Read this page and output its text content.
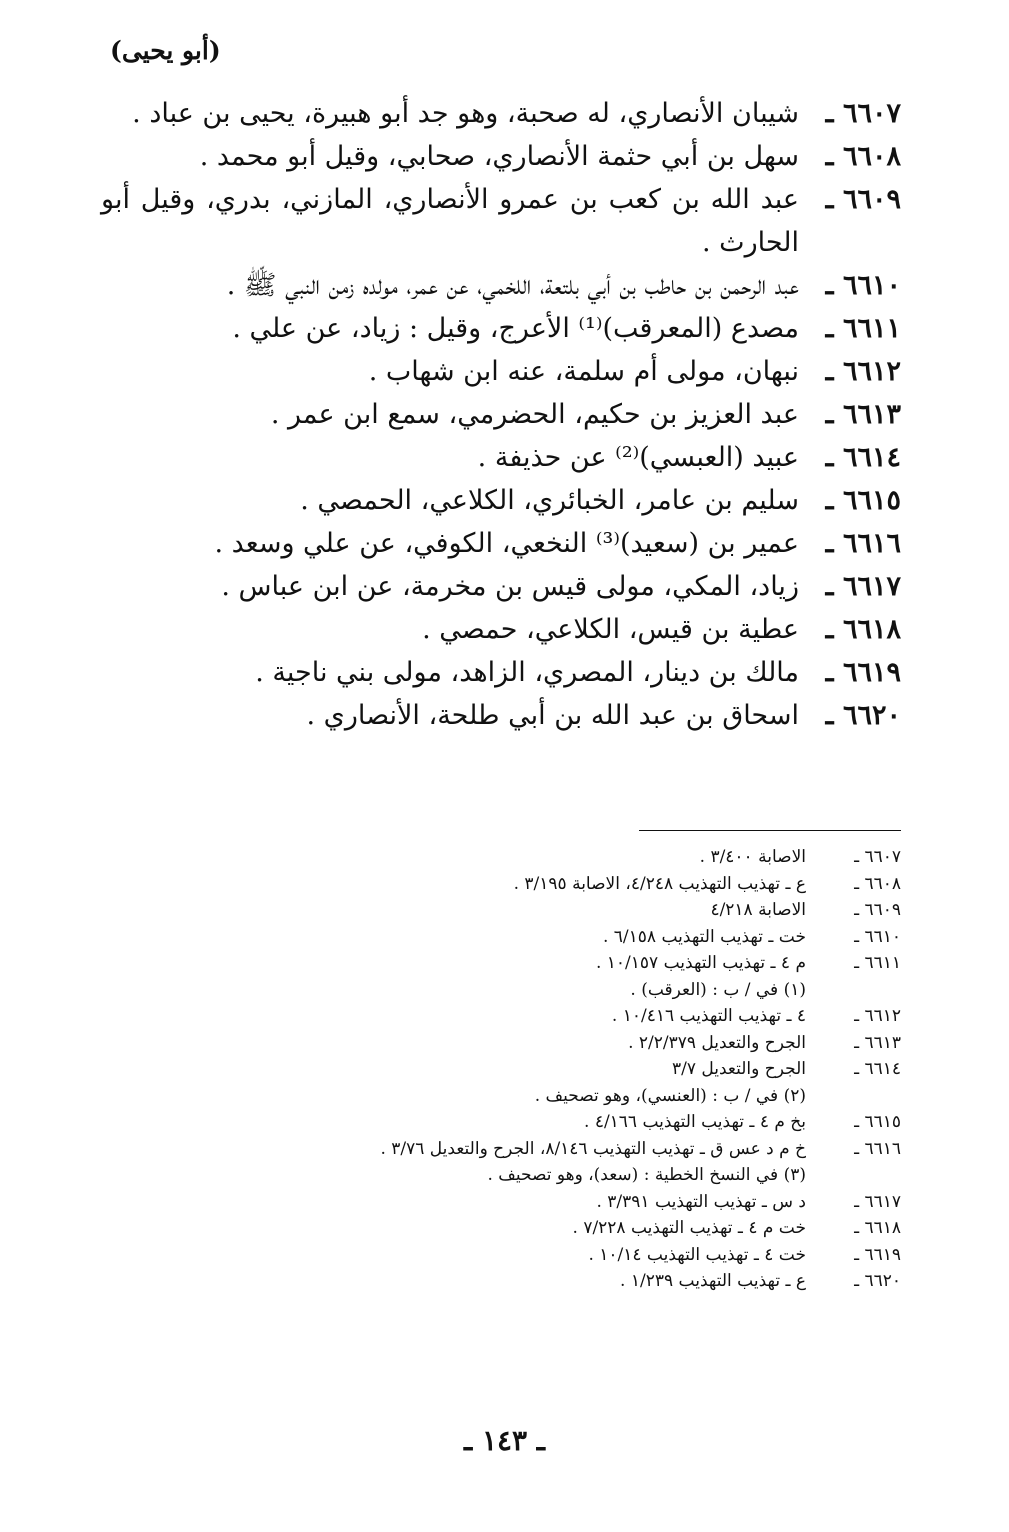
(أبو يحيى)
٦٦٠٧ ـ
شيبان الأنصاري، له صحبة، وهو جد أبو هبيرة، يحيى بن عباد .
٦٦٠٨ ـ
سهل بن أبي حثمة الأنصاري، صحابي، وقيل أبو محمد .
٦٦٠٩ ـ
عبد الله بن كعب بن عمرو الأنصاري، المازني، بدري، وقيل أبو الحارث .
٦٦١٠ ـ
عبد الرحمن بن حاطب بن أبي بلتعة، اللخمي، عن عمر، مولده زمن النبي ﷺ .
٦٦١١ ـ
مصدع (المعرقب)⁽¹⁾ الأعرج، وقيل : زياد، عن علي .
٦٦١٢ ـ
نبهان، مولى أم سلمة، عنه ابن شهاب .
٦٦١٣ ـ
عبد العزيز بن حكيم، الحضرمي، سمع ابن عمر .
٦٦١٤ ـ
عبيد (العبسي)⁽²⁾ عن حذيفة .
٦٦١٥ ـ
سليم بن عامر، الخبائري، الكلاعي، الحمصي .
٦٦١٦ ـ
عمير بن (سعيد)⁽³⁾ النخعي، الكوفي، عن علي وسعد .
٦٦١٧ ـ
زياد، المكي، مولى قيس بن مخرمة، عن ابن عباس .
٦٦١٨ ـ
عطية بن قيس، الكلاعي، حمصي .
٦٦١٩ ـ
مالك بن دينار، المصري، الزاهد، مولى بني ناجية .
٦٦٢٠ ـ
اسحاق بن عبد الله بن أبي طلحة، الأنصاري .
٦٦٠٧ ـ
الاصابة ٣/٤٠٠ .
٦٦٠٨ ـ
ع ـ تهذيب التهذيب ٤/٢٤٨، الاصابة ٣/١٩٥ .
٦٦٠٩ ـ
الاصابة ٤/٢١٨
٦٦١٠ ـ
خت ـ تهذيب التهذيب ٦/١٥٨ .
٦٦١١ ـ
م ٤ ـ تهذيب التهذيب ١٠/١٥٧ .
(١) في / ب : (العرقب) .
٦٦١٢ ـ
٤ ـ تهذيب التهذيب ١٠/٤١٦ .
٦٦١٣ ـ
الجرح والتعديل ٢/٢/٣٧٩ .
٦٦١٤ ـ
الجرح والتعديل ٣/٧
(٢) في / ب : (العنسي)، وهو تصحيف .
٦٦١٥ ـ
بخ م ٤ ـ تهذيب التهذيب ٤/١٦٦ .
٦٦١٦ ـ
خ م د عس ق ـ تهذيب التهذيب ٨/١٤٦، الجرح والتعديل ٣/٧٦ .
(٣) في النسخ الخطية : (سعد)، وهو تصحيف .
٦٦١٧ ـ
د س ـ تهذيب التهذيب ٣/٣٩١ .
٦٦١٨ ـ
خت م ٤ ـ تهذيب التهذيب ٧/٢٢٨ .
٦٦١٩ ـ
خت ٤ ـ تهذيب التهذيب ١٠/١٤ .
٦٦٢٠ ـ
ع ـ تهذيب التهذيب ١/٢٣٩ .
ـ ١٤٣ ـ
